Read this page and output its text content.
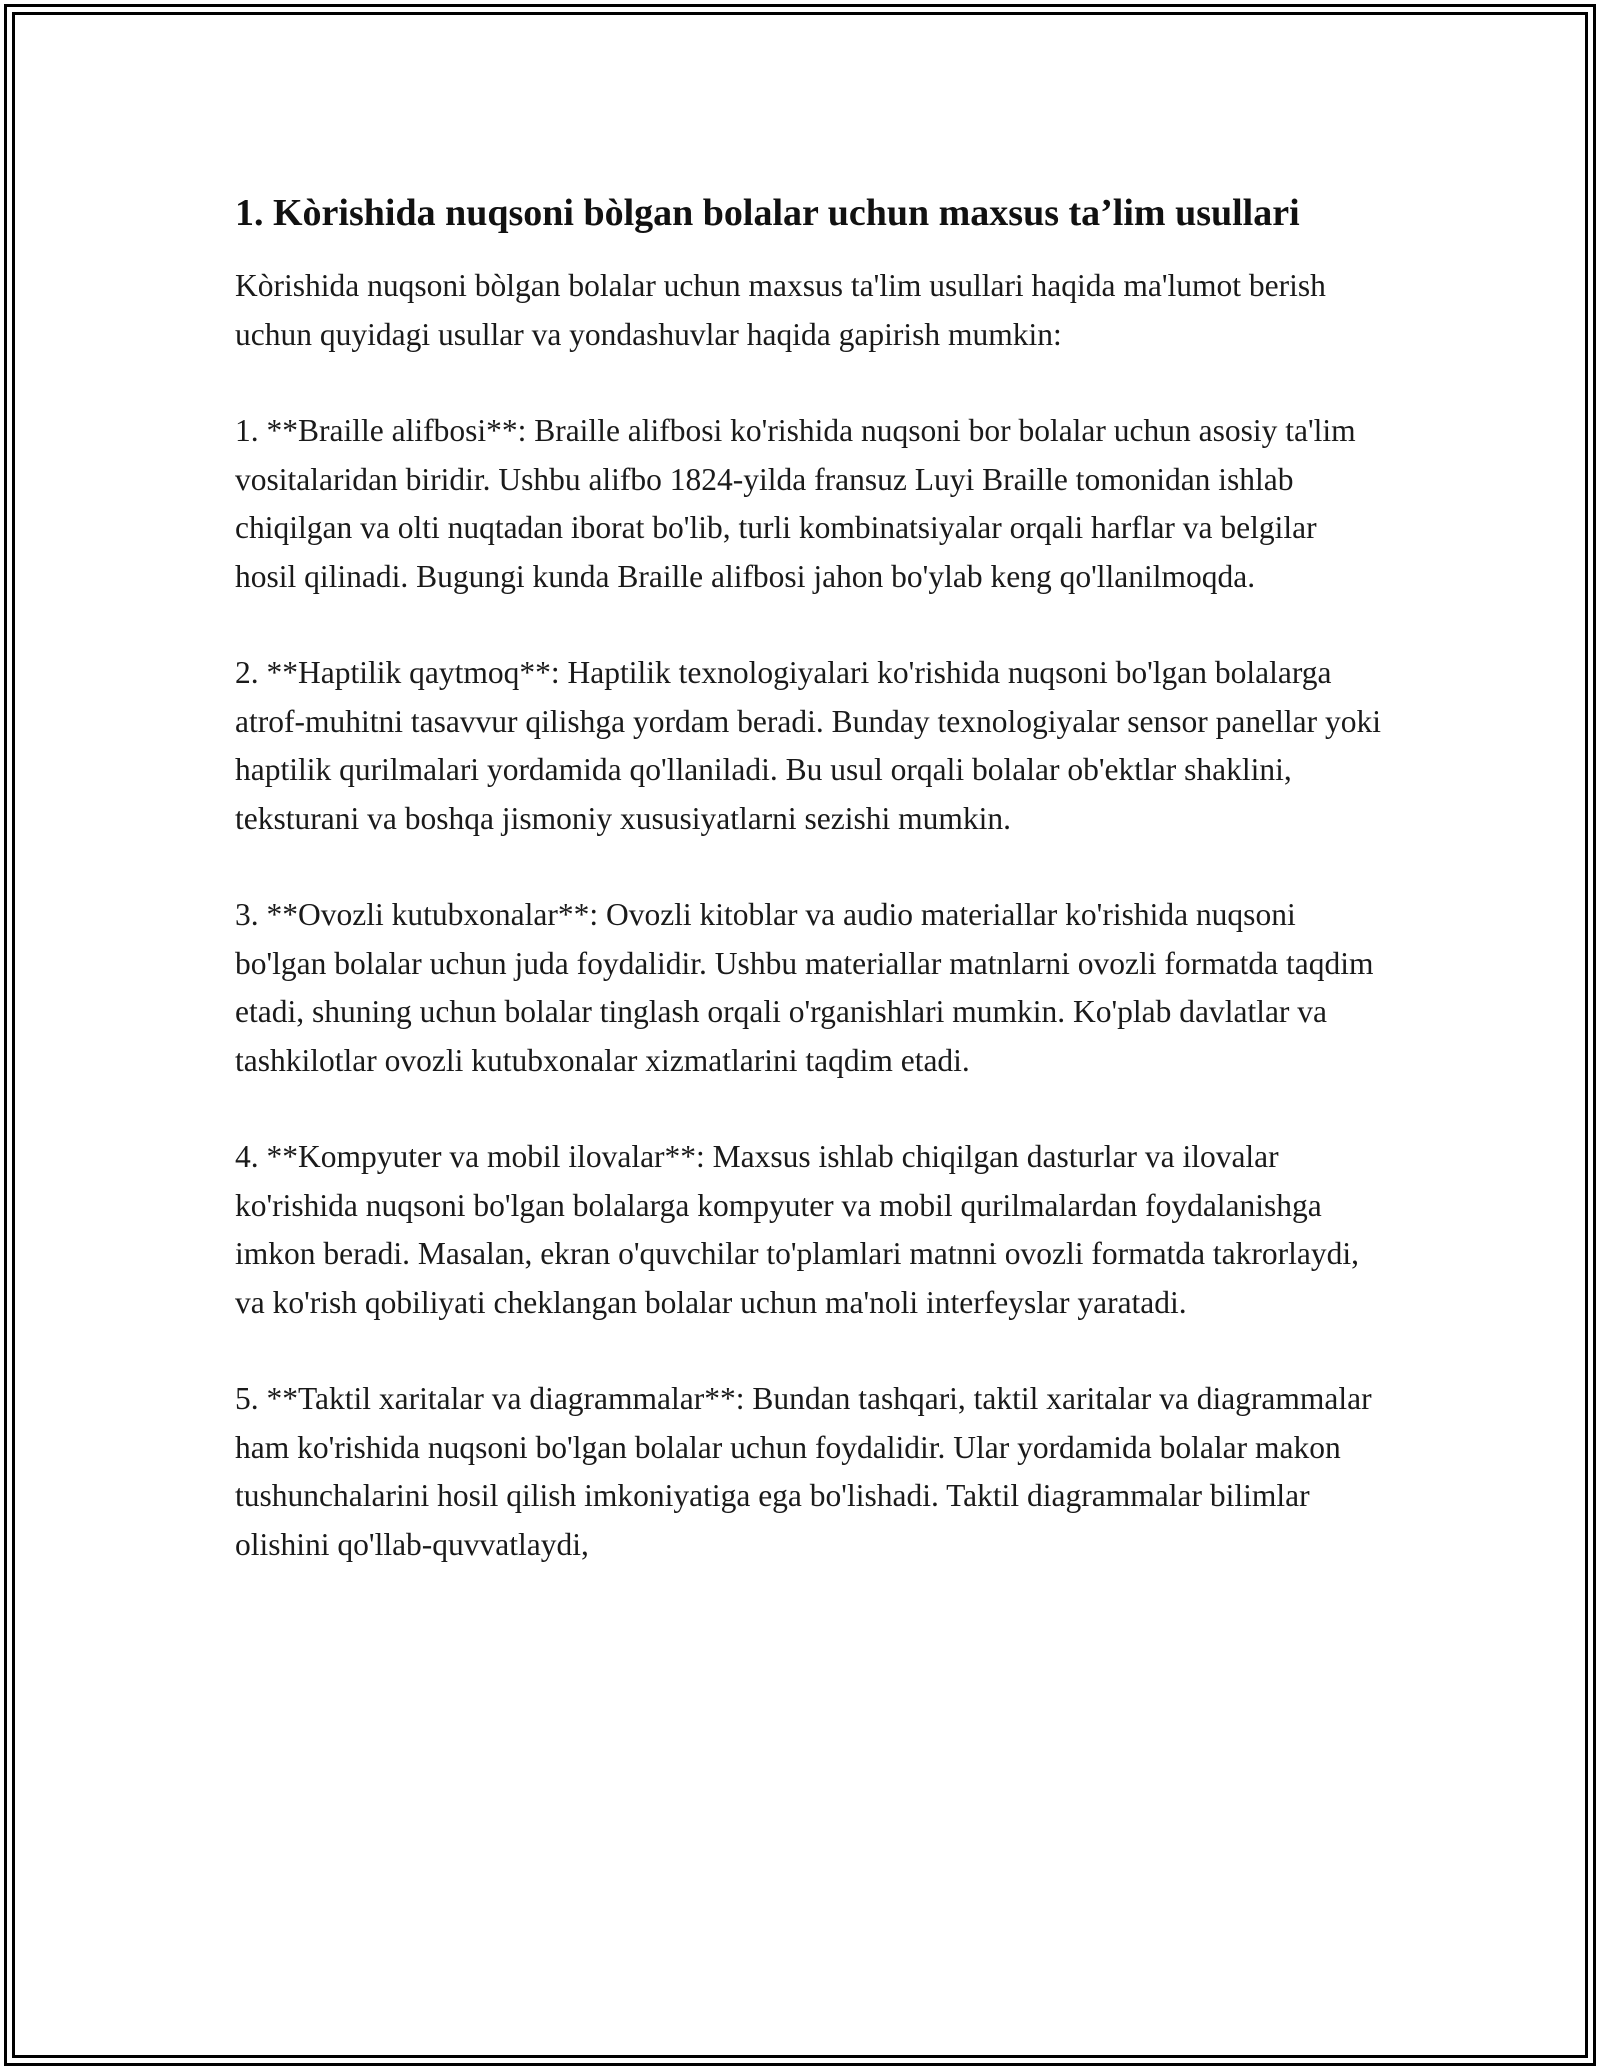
1. Kòrishida nuqsoni bòlgan bolalar uchun maxsus ta’lim usullari

Kòrishida nuqsoni bòlgan bolalar uchun maxsus ta'lim usullari haqida ma'lumot berish uchun quyidagi usullar va yondashuvlar haqida gapirish mumkin:

1. **Braille alifbosi**: Braille alifbosi ko'rishida nuqsoni bor bolalar uchun asosiy ta'lim vositalaridan biridir. Ushbu alifbo 1824-yilda fransuz Luyi Braille tomonidan ishlab chiqilgan va olti nuqtadan iborat bo'lib, turli kombinatsiyalar orqali harflar va belgilar hosil qilinadi. Bugungi kunda Braille alifbosi jahon bo'ylab keng qo'llanilmoqda.

2. **Haptilik qaytmoq**: Haptilik texnologiyalari ko'rishida nuqsoni bo'lgan bolalarga atrof-muhitni tasavvur qilishga yordam beradi. Bunday texnologiyalar sensor panellar yoki haptilik qurilmalari yordamida qo'llaniladi. Bu usul orqali bolalar ob'ektlar shaklini, teksturani va boshqa jismoniy xususiyatlarni sezishi mumkin.

3. **Ovozli kutubxonalar**: Ovozli kitoblar va audio materiallar ko'rishida nuqsoni bo'lgan bolalar uchun juda foydalidir. Ushbu materiallar matnlarni ovozli formatda taqdim etadi, shuning uchun bolalar tinglash orqali o'rganishlari mumkin. Ko'plab davlatlar va tashkilotlar ovozli kutubxonalar xizmatlarini taqdim etadi.

4. **Kompyuter va mobil ilovalar**: Maxsus ishlab chiqilgan dasturlar va ilovalar ko'rishida nuqsoni bo'lgan bolalarga kompyuter va mobil qurilmalardan foydalanishga imkon beradi. Masalan, ekran o'quvchilar to'plamlari matnni ovozli formatda takrorlaydi, va ko'rish qobiliyati cheklangan bolalar uchun ma'noli interfeyslar yaratadi.

5. **Taktil xaritalar va diagrammalar**: Bundan tashqari, taktil xaritalar va diagrammalar ham ko'rishida nuqsoni bo'lgan bolalar uchun foydalidir. Ular yordamida bolalar makon tushunchalarini hosil qilish imkoniyatiga ega bo'lishadi. Taktil diagrammalar bilimlar olishini qo'llab-quvvatlaydi,
